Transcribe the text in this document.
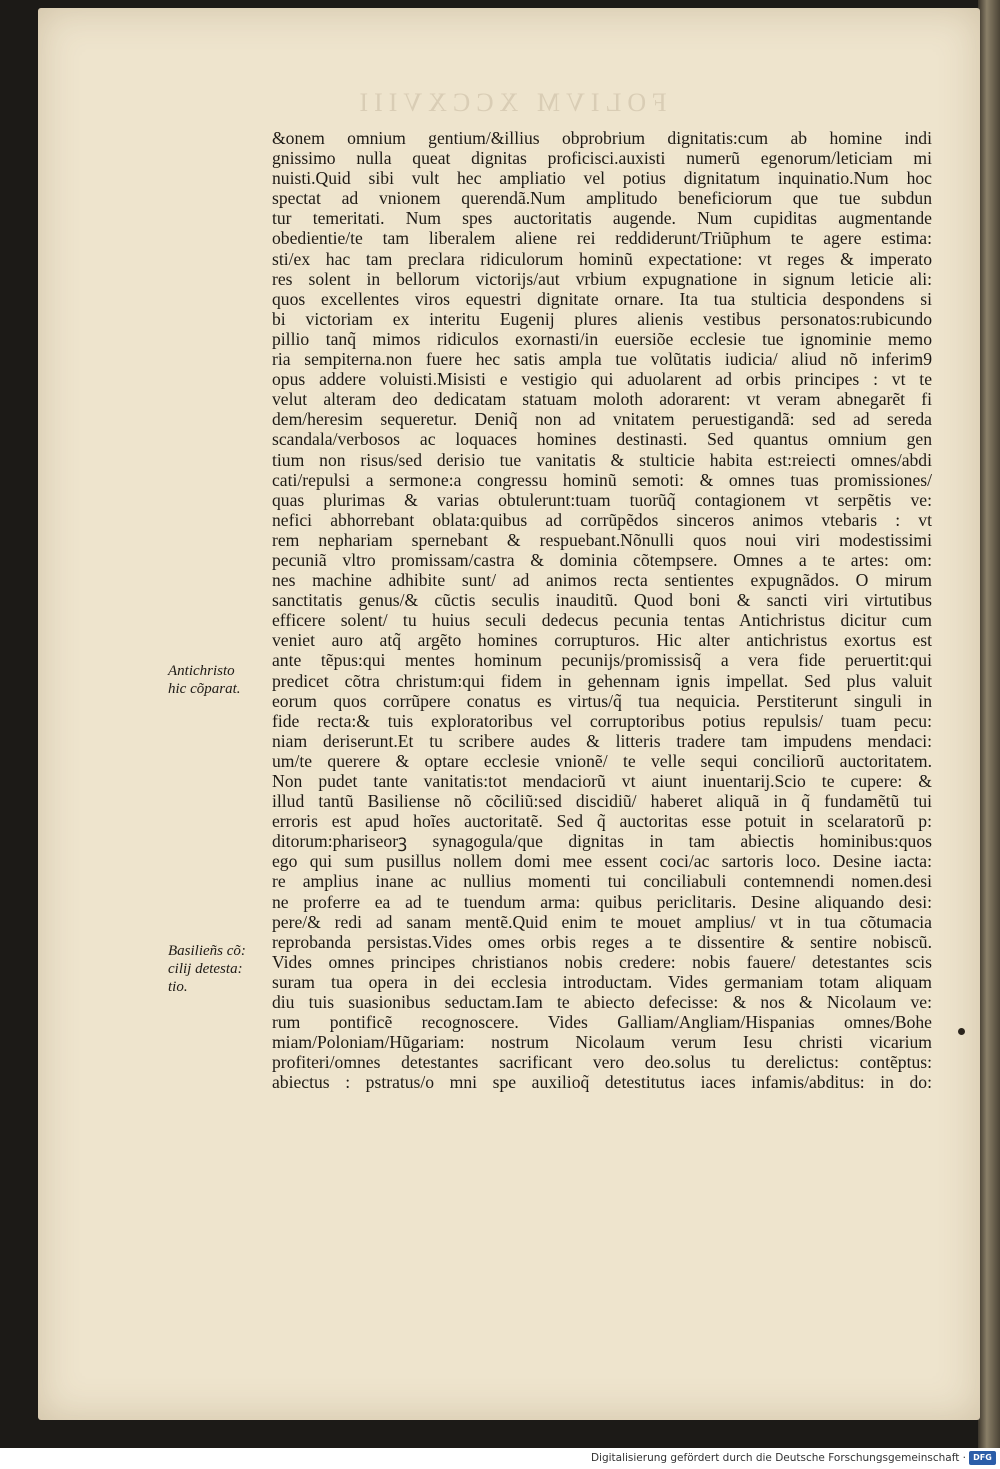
FOLIVM XCCXVIII
&onem omnium gentium/&illius obprobrium dignitatis:cum ab homine indi
gnissimo nulla queat dignitas proficisci.auxisti numerũ egenorum/leticiam mi
nuisti.Quid sibi vult hec ampliatio vel potius dignitatum inquinatio.Num hoc
spectat ad vnionem querendã.Num amplitudo beneficiorum que tue subdun
tur temeritati. Num spes auctoritatis augende. Num cupiditas augmentande
obedientie/te tam liberalem aliene rei reddiderunt/Triũphum te agere estima:
sti/ex hac tam preclara ridiculorum hominũ expectatione: vt reges & imperato
res solent in bellorum victorijs/aut vrbium expugnatione in signum leticie ali:
quos excellentes viros equestri dignitate ornare. Ita tua stulticia despondens si
bi victoriam ex interitu Eugenij plures alienis vestibus personatos:rubicundo
pillio tanq̃ mimos ridiculos exornasti/in euersiõe ecclesie tue ignominie memo
ria sempiterna.non fuere hec satis ampla tue volũtatis iudicia/ aliud nõ inferim9
opus addere voluisti.Misisti e vestigio qui aduolarent ad orbis principes : vt te
velut alteram deo dedicatam statuam moloth adorarent: vt veram abnegarẽt fi
dem/heresim sequeretur. Deniq̃ non ad vnitatem peruestigandã: sed ad sereda
scandala/verbosos ac loquaces homines destinasti. Sed quantus omnium gen
tium non risus/sed derisio tue vanitatis & stulticie habita est:reiecti omnes/abdi
cati/repulsi a sermone:a congressu hominũ semoti: & omnes tuas promissiones/
quas plurimas & varias obtulerunt:tuam tuorũq̃ contagionem vt serpẽtis ve:
nefici abhorrebant oblata:quibus ad corrũpẽdos sinceros animos vtebaris : vt
rem nephariam spernebant & respuebant.Nõnulli quos noui viri modestissimi
pecuniã vltro promissam/castra & dominia cõtempsere. Omnes a te artes: om:
nes machine adhibite sunt/ ad animos recta sentientes expugnãdos. O mirum
sanctitatis genus/& cũctis seculis inauditũ. Quod boni & sancti viri virtutibus
efficere solent/ tu huius seculi dedecus pecunia tentas Antichristus dicitur cum
veniet auro atq̃ argẽto homines corrupturos. Hic alter antichristus exortus est
ante tẽpus:qui mentes hominum pecunijs/promissisq̃ a vera fide peruertit:qui
predicet cõtra christum:qui fidem in gehennam ignis impellat. Sed plus valuit
eorum quos corrũpere conatus es virtus/q̃ tua nequicia. Perstiterunt singuli in
fide recta:& tuis exploratoribus vel corruptoribus potius repulsis/ tuam pecu:
niam deriserunt.Et tu scribere audes & litteris tradere tam impudens mendaci:
um/te querere & optare ecclesie vnionẽ/ te velle sequi conciliorũ auctoritatem.
Non pudet tante vanitatis:tot mendaciorũ vt aiunt inuentarij.Scio te cupere: &
illud tantũ Basiliense nõ cõciliũ:sed discidiũ/ haberet aliquã in q̃ fundamẽtũ tui
erroris est apud hoĩes auctoritatẽ. Sed q̃ auctoritas esse potuit in scelaratorũ p:
ditorum:phariseorꝫ synagogula/que dignitas in tam abiectis hominibus:quos
ego qui sum pusillus nollem domi mee essent coci/ac sartoris loco. Desine iacta:
re amplius inane ac nullius momenti tui conciliabuli contemnendi nomen.desi
ne proferre ea ad te tuendum arma: quibus periclitaris. Desine aliquando desi:
pere/& redi ad sanam mentẽ.Quid enim te mouet amplius/ vt in tua cõtumacia
reprobanda persistas.Vides omes orbis reges a te dissentire & sentire nobiscũ.
Vides omnes principes christianos nobis credere: nobis fauere/ detestantes scis
suram tua opera in dei ecclesia introductam. Vides germaniam totam aliquam
diu tuis suasionibus seductam.Iam te abiecto defecisse: & nos & Nicolaum ve:
rum pontificẽ recognoscere. Vides Galliam/Angliam/Hispanias omnes/Bohe
miam/Poloniam/Hũgariam: nostrum Nicolaum verum Iesu christi vicarium
profiteri/omnes detestantes sacrificant vero deo.solus tu derelictus: contẽptus:
abiectus : pstratus/o mni spe auxilioq̃ detestitutus iaces infamis/abditus: in do:
Antichristo
hic cõparat.
Basilieñs cõ:
cilij detesta:
tio.
Digitalisierung gefördert durch die Deutsche Forschungsgemeinschaft · DFG
